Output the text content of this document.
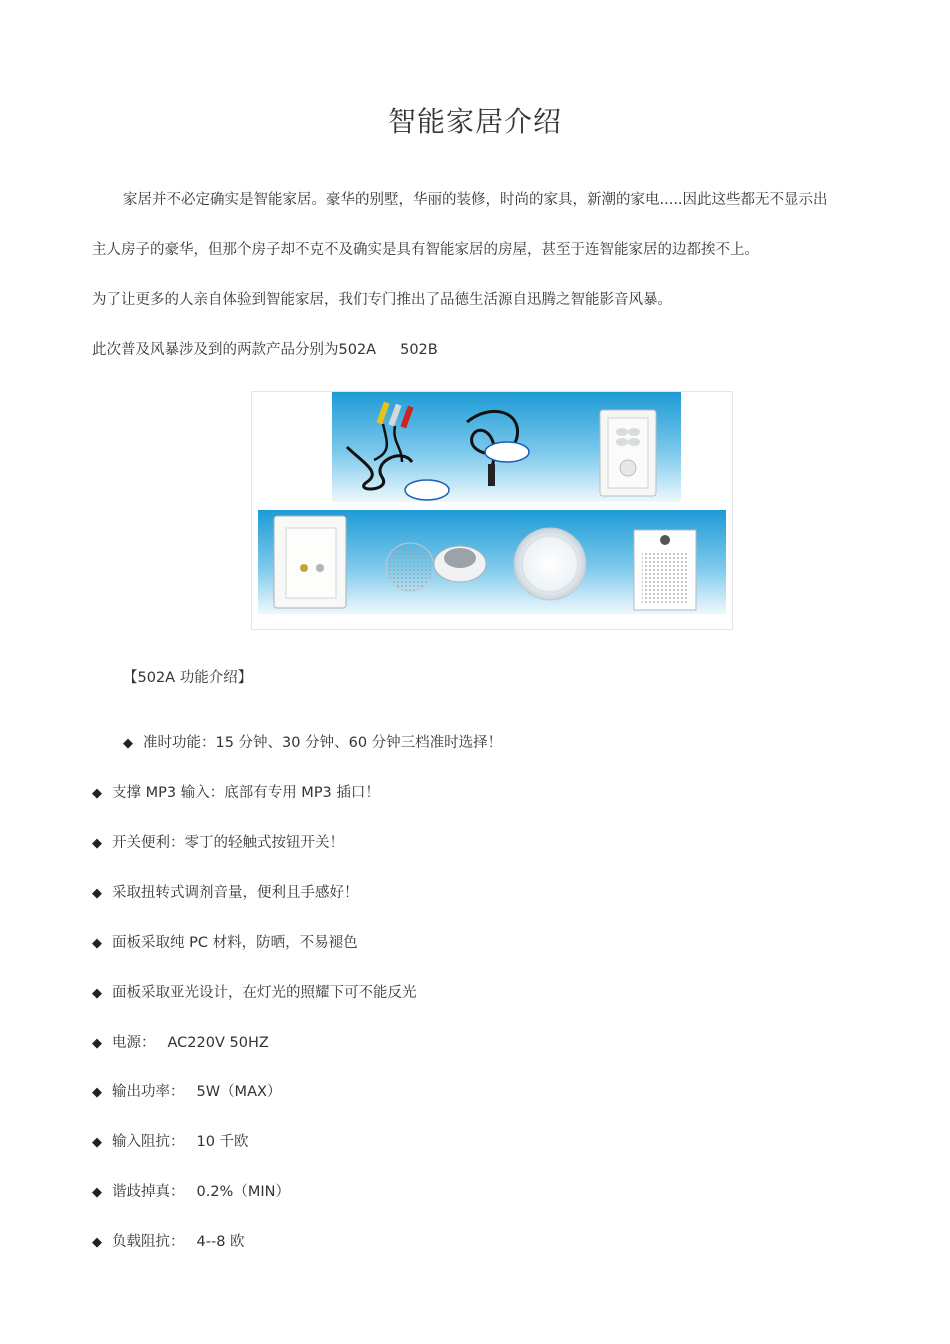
智能家居介绍
家居并不必定确实是智能家居。豪华的别墅，华丽的装修，时尚的家具，新潮的家电.....因此这些都无不显示出
主人房子的豪华，但那个房子却不克不及确实是具有智能家居的房屋，甚至于连智能家居的边都挨不上。
为了让更多的人亲自体验到智能家居，我们专门推出了品德生活源自迅腾之智能影音风暴。
此次普及风暴涉及到的两款产品分别为502A 502B
【502A 功能介绍】
◆ 准时功能：15 分钟、30 分钟、60 分钟三档准时选择！
◆ 支撑 MP3 输入：底部有专用 MP3 插口！
◆ 开关便利：零丁的轻触式按钮开关！
◆ 采取扭转式调剂音量，便利且手感好！
◆ 面板采取纯 PC 材料，防晒，不易褪色
◆ 面板采取亚光设计，在灯光的照耀下可不能反光
◆ 电源： AC220V 50HZ
◆ 输出功率： 5W（MAX）
◆ 输入阻抗： 10 千欧
◆ 谐歧掉真： 0.2%（MIN）
◆ 负载阻抗： 4--8 欧
